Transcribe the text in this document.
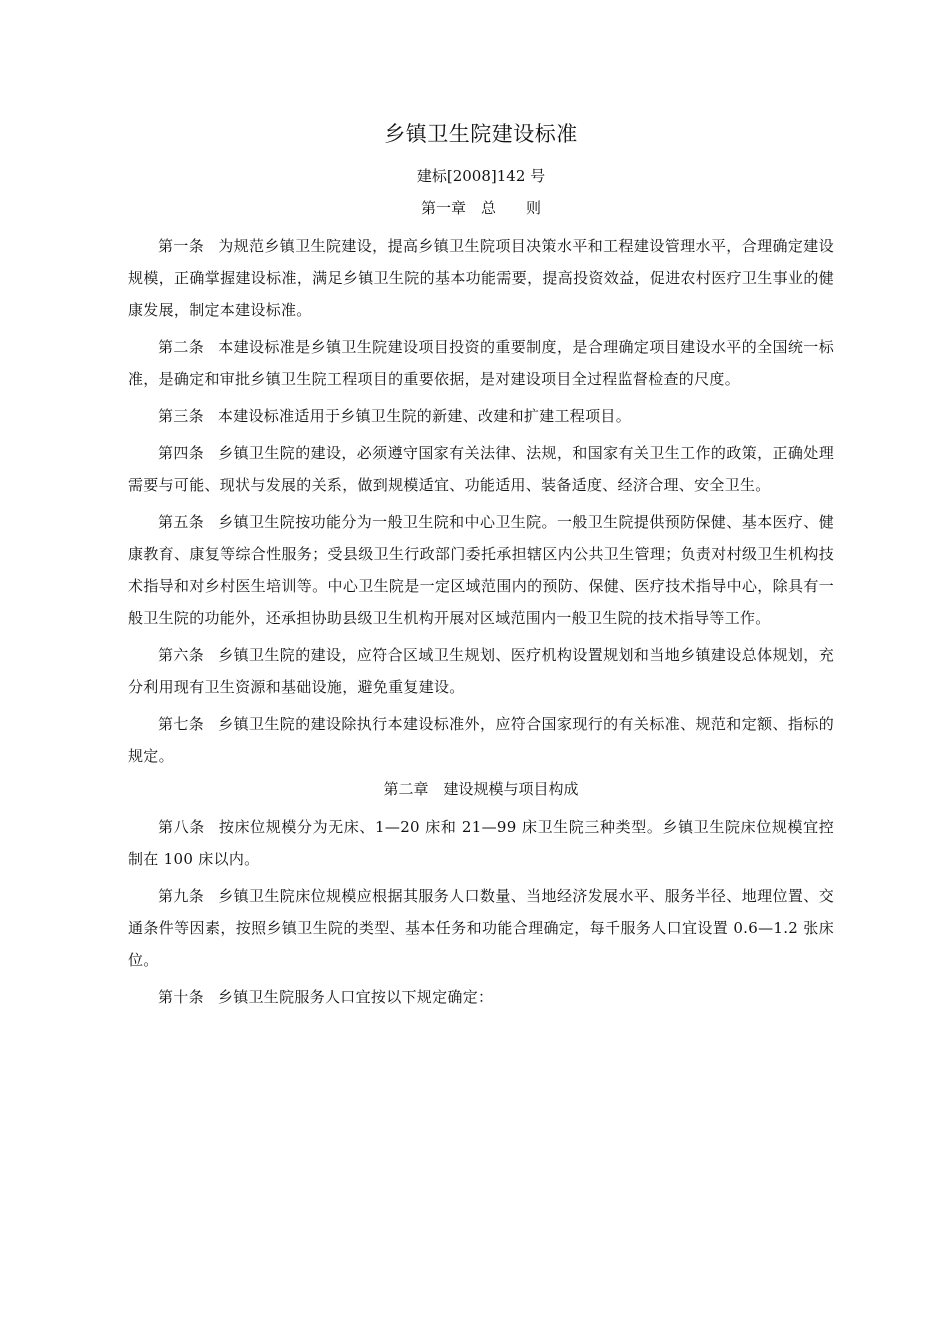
乡镇卫生院建设标准
建标[2008]142 号
第一章　总　　则

第一条 为规范乡镇卫生院建设，提高乡镇卫生院项目决策水平和工程建设管理水平，合理确定建设规模，正确掌握建设标准，满足乡镇卫生院的基本功能需要，提高投资效益，促进农村医疗卫生事业的健康发展，制定本建设标准。

第二条 本建设标准是乡镇卫生院建设项目投资的重要制度，是合理确定项目建设水平的全国统一标准，是确定和审批乡镇卫生院工程项目的重要依据，是对建设项目全过程监督检查的尺度。

第三条 本建设标准适用于乡镇卫生院的新建、改建和扩建工程项目。

第四条 乡镇卫生院的建设，必须遵守国家有关法律、法规，和国家有关卫生工作的政策，正确处理需要与可能、现状与发展的关系，做到规模适宜、功能适用、装备适度、经济合理、安全卫生。

第五条 乡镇卫生院按功能分为一般卫生院和中心卫生院。一般卫生院提供预防保健、基本医疗、健康教育、康复等综合性服务；受县级卫生行政部门委托承担辖区内公共卫生管理；负责对村级卫生机构技术指导和对乡村医生培训等。中心卫生院是一定区域范围内的预防、保健、医疗技术指导中心，除具有一般卫生院的功能外，还承担协助县级卫生机构开展对区域范围内一般卫生院的技术指导等工作。

第六条 乡镇卫生院的建设，应符合区域卫生规划、医疗机构设置规划和当地乡镇建设总体规划，充分利用现有卫生资源和基础设施，避免重复建设。

第七条 乡镇卫生院的建设除执行本建设标准外，应符合国家现行的有关标准、规范和定额、指标的规定。

第二章　建设规模与项目构成

第八条 按床位规模分为无床、1—20 床和 21—99 床卫生院三种类型。乡镇卫生院床位规模宜控制在 100 床以内。

第九条 乡镇卫生院床位规模应根据其服务人口数量、当地经济发展水平、服务半径、地理位置、交通条件等因素，按照乡镇卫生院的类型、基本任务和功能合理确定，每千服务人口宜设置 0.6—1.2 张床位。

第十条 乡镇卫生院服务人口宜按以下规定确定：
